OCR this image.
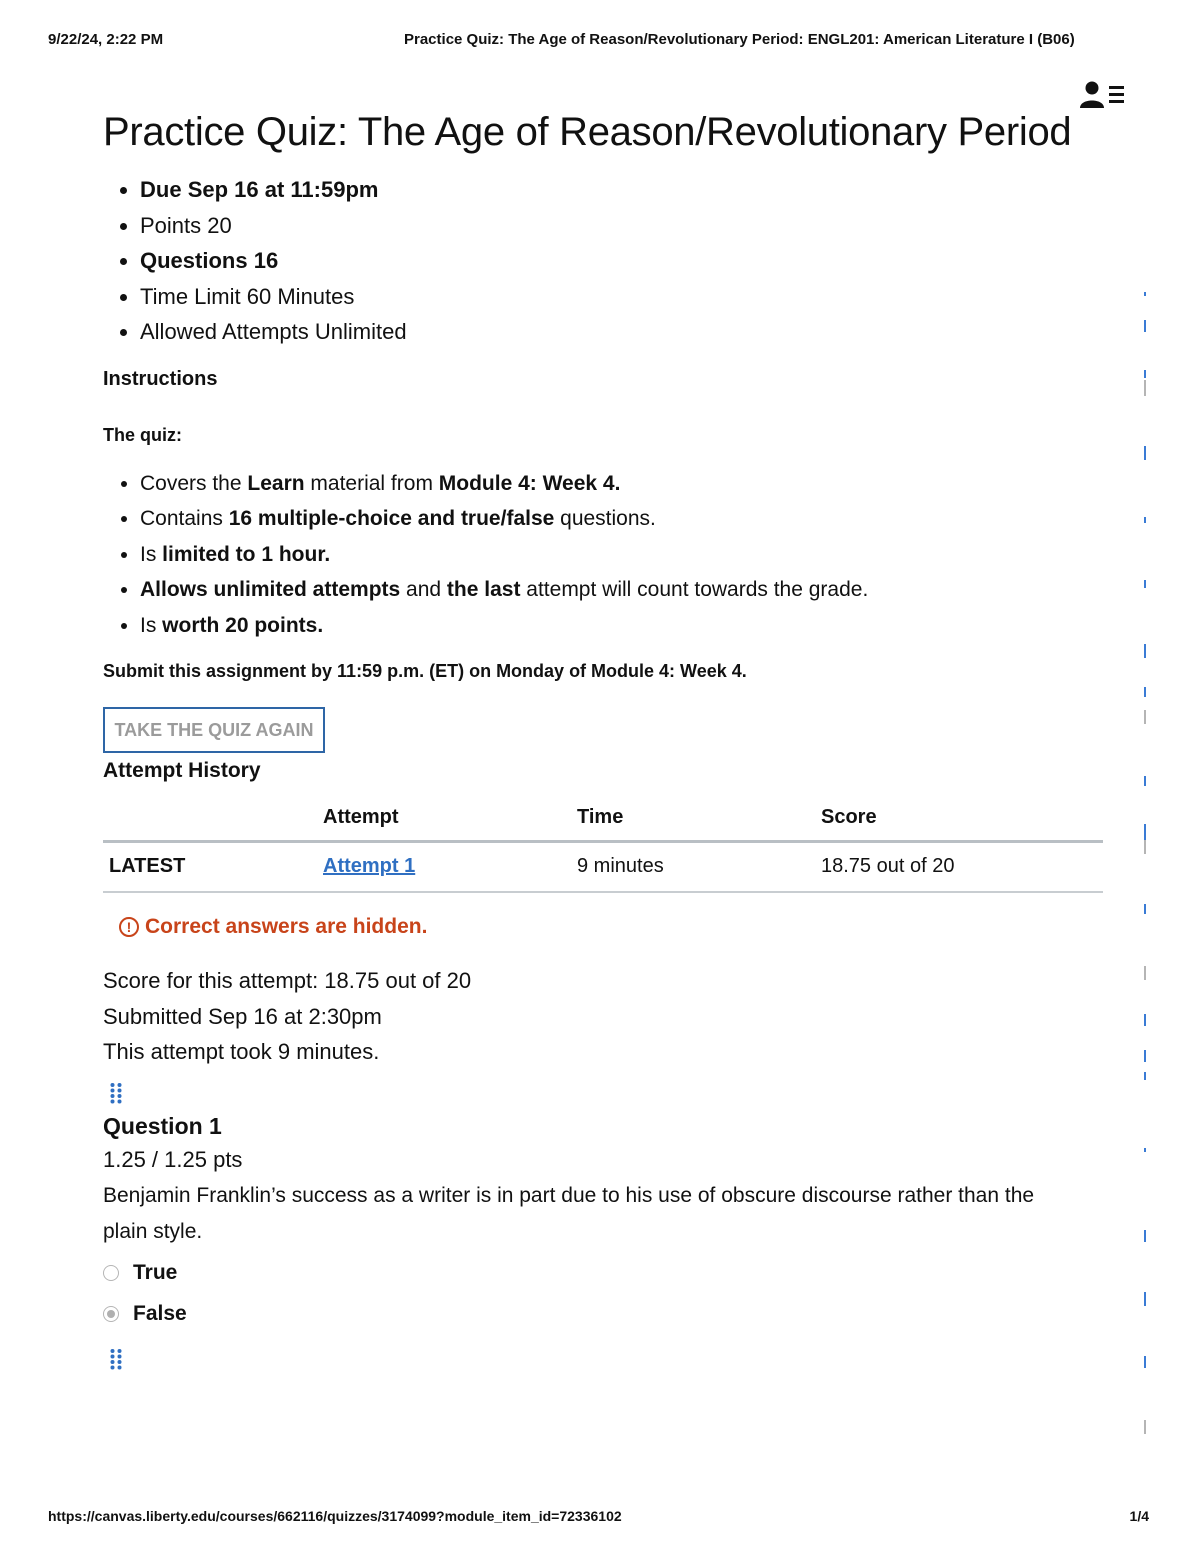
9/22/24, 2:22 PM	Practice Quiz: The Age of Reason/Revolutionary Period: ENGL201: American Literature I (B06)
Practice Quiz: The Age of Reason/Revolutionary Period
• Due Sep 16 at 11:59pm
• Points 20
• Questions 16
• Time Limit 60 Minutes
• Allowed Attempts Unlimited
Instructions
The quiz:
• Covers the Learn material from Module 4: Week 4.
• Contains 16 multiple-choice and true/false questions.
• Is limited to 1 hour.
• Allows unlimited attempts and the last attempt will count towards the grade.
• Is worth 20 points.
Submit this assignment by 11:59 p.m. (ET) on Monday of Module 4: Week 4.
TAKE THE QUIZ AGAIN
Attempt History
	Attempt	Time	Score
LATEST	Attempt 1	9 minutes	18.75 out of 20
! Correct answers are hidden.
Score for this attempt: 18.75 out of 20
Submitted Sep 16 at 2:30pm
This attempt took 9 minutes.
Question 1
1.25 / 1.25 pts
Benjamin Franklin’s success as a writer is in part due to his use of obscure discourse rather than the plain style.
True
False
https://canvas.liberty.edu/courses/662116/quizzes/3174099?module_item_id=72336102	1/4
